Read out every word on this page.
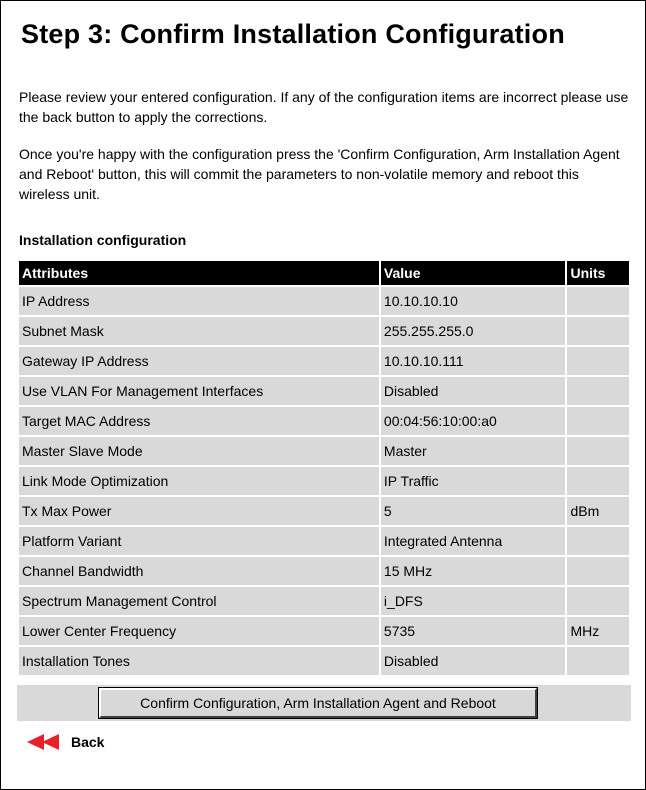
Step 3: Confirm Installation Configuration

Please review your entered configuration. If any of the configuration items are incorrect please use the back button to apply the corrections.

Once you're happy with the configuration press the 'Confirm Configuration, Arm Installation Agent and Reboot' button, this will commit the parameters to non-volatile memory and reboot this wireless unit.

Installation configuration
Attributes	Value	Units
IP Address	10.10.10.10	
Subnet Mask	255.255.255.0	
Gateway IP Address	10.10.10.111	
Use VLAN For Management Interfaces	Disabled	
Target MAC Address	00:04:56:10:00:a0	
Master Slave Mode	Master	
Link Mode Optimization	IP Traffic	
Tx Max Power	5	dBm
Platform Variant	Integrated Antenna	
Channel Bandwidth	15 MHz	
Spectrum Management Control	i_DFS	
Lower Center Frequency	5735	MHz
Installation Tones	Disabled	
Confirm Configuration, Arm Installation Agent and Reboot
Back
